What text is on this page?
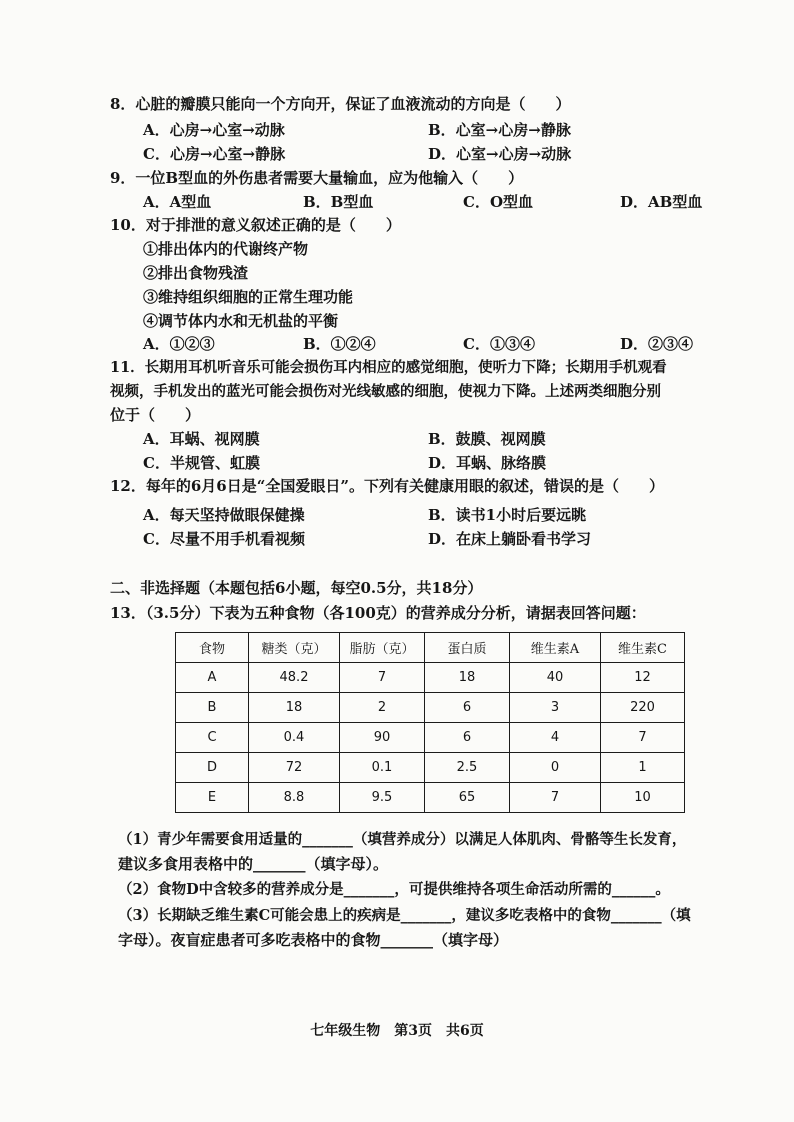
8．心脏的瓣膜只能向一个方向开，保证了血液流动的方向是（　　）
A．心房→心室→动脉	B．心室→心房→静脉
C．心房→心室→静脉	D．心室→心房→动脉
9．一位B型血的外伤患者需要大量输血，应为他输入（　　）
A．A型血	B．B型血	C．O型血	D．AB型血
10．对于排泄的意义叙述正确的是（　　）
①排出体内的代谢终产物
②排出食物残渣
③维持组织细胞的正常生理功能
④调节体内水和无机盐的平衡
A．①②③	B．①②④	C．①③④	D．②③④
11．长期用耳机听音乐可能会损伤耳内相应的感觉细胞，使听力下降；长期用手机观看
视频，手机发出的蓝光可能会损伤对光线敏感的细胞，使视力下降。上述两类细胞分别
位于（　　）
A．耳蜗、视网膜	B．鼓膜、视网膜
C．半规管、虹膜	D．耳蜗、脉络膜
12．每年的6月6日是“全国爱眼日”。下列有关健康用眼的叙述，错误的是（　　）
A．每天坚持做眼保健操	B．读书1小时后要远眺
C．尽量不用手机看视频	D．在床上躺卧看书学习
二、非选择题（本题包括6小题，每空0.5分，共18分）
13．（3.5分）下表为五种食物（各100克）的营养成分分析，请据表回答问题：
食物	糖类（克）	脂肪（克）	蛋白质	维生素A	维生素C
A	48.2	7	18	40	12
B	18	2	6	3	220
C	0.4	90	6	4	7
D	72	0.1	2.5	0	1
E	8.8	9.5	65	7	10
（1）青少年需要食用适量的_______（填营养成分）以满足人体肌肉、骨骼等生长发育，
建议多食用表格中的_______（填字母）。
（2）食物D中含较多的营养成分是_______，可提供维持各项生命活动所需的______。
（3）长期缺乏维生素C可能会患上的疾病是_______，建议多吃表格中的食物_______（填
字母）。夜盲症患者可多吃表格中的食物_______（填字母）
七年级生物　第3页　共6页
